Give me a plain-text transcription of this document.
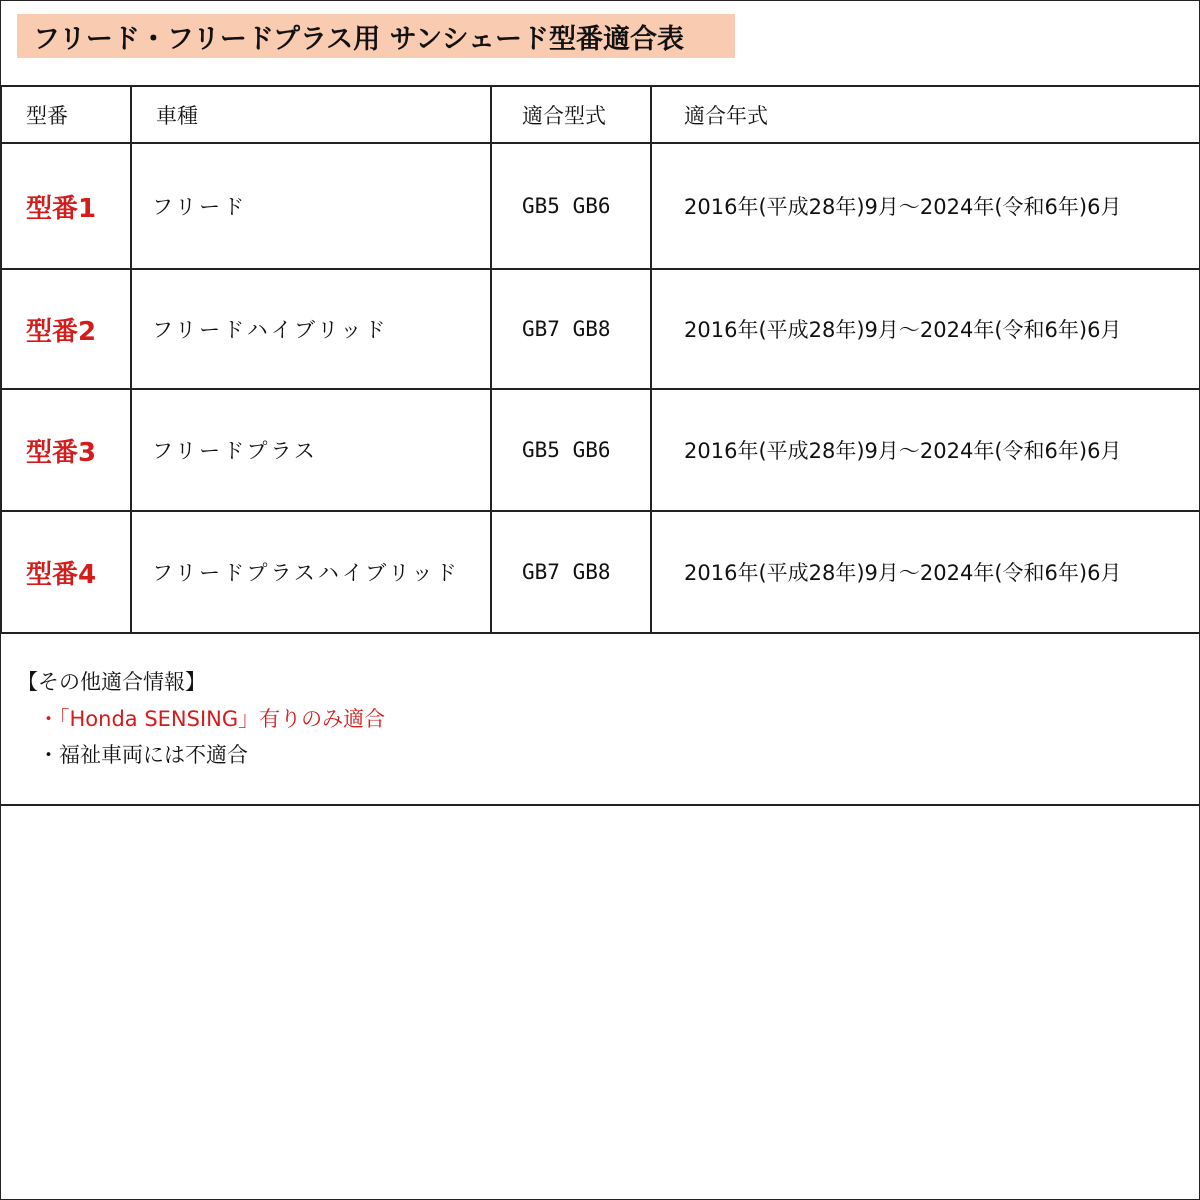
フリード・フリードプラス用 サンシェード型番適合表
型番	車種	適合型式	適合年式
型番1	フリード	GB5 GB6	2016年(平成28年)9月～2024年(令和6年)6月
型番2	フリードハイブリッド	GB7 GB8	2016年(平成28年)9月～2024年(令和6年)6月
型番3	フリードプラス	GB5 GB6	2016年(平成28年)9月～2024年(令和6年)6月
型番4	フリードプラスハイブリッド	GB7 GB8	2016年(平成28年)9月～2024年(令和6年)6月
【その他適合情報】
・「Honda SENSING」有りのみ適合
・福祉車両には不適合
